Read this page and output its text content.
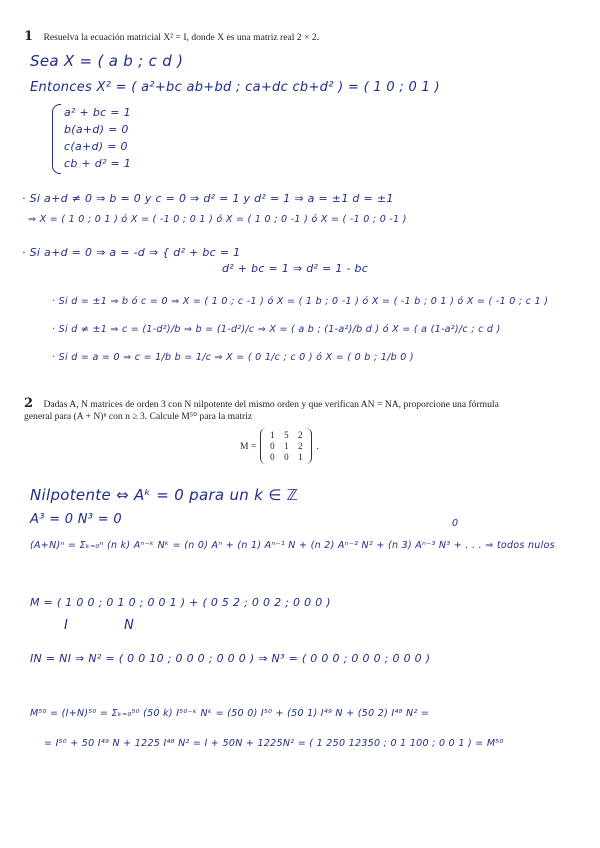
1 Resuelva la ecuación matricial X² = I, donde X es una matriz real 2 × 2.
Sea X = ( a b ; c d )
Entonces X² = ( a²+bc ab+bd ; ca+dc cb+d² ) = ( 1 0 ; 0 1 )
a² + bc = 1
b(a+d) = 0
c(a+d) = 0
cb + d² = 1
· Si a+d ≠ 0 ⇒ b = 0 y c = 0 ⇒ d² = 1 y d² = 1 ⇒ a = ±1 d = ±1
⇒ X = ( 1 0 ; 0 1 ) ó X = ( -1 0 ; 0 1 ) ó X = ( 1 0 ; 0 -1 ) ó X = ( -1 0 ; 0 -1 )
· Si a+d = 0 ⇒ a = -d ⇒ { d² + bc = 1
d² + bc = 1 ⇒ d² = 1 - bc
· Si d = ±1 ⇒ b ó c = 0 ⇒ X = ( 1 0 ; c -1 ) ó X = ( 1 b ; 0 -1 ) ó X = ( -1 b ; 0 1 ) ó X = ( -1 0 ; c 1 )
· Si d ≠ ±1 ⇒ c = (1-d²)/b ⇒ b = (1-d²)/c ⇒ X = ( a b ; (1-a²)/b d ) ó X = ( a (1-a²)/c ; c d )
· Si d = a = 0 ⇒ c = 1/b b = 1/c ⇒ X = ( 0 1/c ; c 0 ) ó X = ( 0 b ; 1/b 0 )
2 Dadas A, N matrices de orden 3 con N nilpotente del mismo orden y que verifican AN = NA, proporcione una fórmula general para (A + N)ⁿ con n ≥ 3. Calcule M⁵⁰ para la matriz
M =
1	5	2
0	1	2
0	0	1
.
Nilpotente ⇔ Aᵏ = 0 para un k ∈ ℤ
A³ = 0 N³ = 0	0
(A+N)ⁿ = Σₖ₌₀ⁿ (n k) Aⁿ⁻ᵏ Nᵏ = (n 0) Aⁿ + (n 1) Aⁿ⁻¹ N + (n 2) Aⁿ⁻² N² + (n 3) Aⁿ⁻³ N³ + . . . ⇒ todos nulos
M = ( 1 0 0 ; 0 1 0 ; 0 0 1 ) + ( 0 5 2 ; 0 0 2 ; 0 0 0 )
I	N
IN = NI ⇒ N² = ( 0 0 10 ; 0 0 0 ; 0 0 0 ) ⇒ N³ = ( 0 0 0 ; 0 0 0 ; 0 0 0 )
M⁵⁰ = (I+N)⁵⁰ = Σₖ₌₀⁵⁰ (50 k) I⁵⁰⁻ᵏ Nᵏ = (50 0) I⁵⁰ + (50 1) I⁴⁹ N + (50 2) I⁴⁸ N² =
= I⁵⁰ + 50 I⁴⁹ N + 1225 I⁴⁸ N² = I + 50N + 1225N² = ( 1 250 12350 ; 0 1 100 ; 0 0 1 ) = M⁵⁰
